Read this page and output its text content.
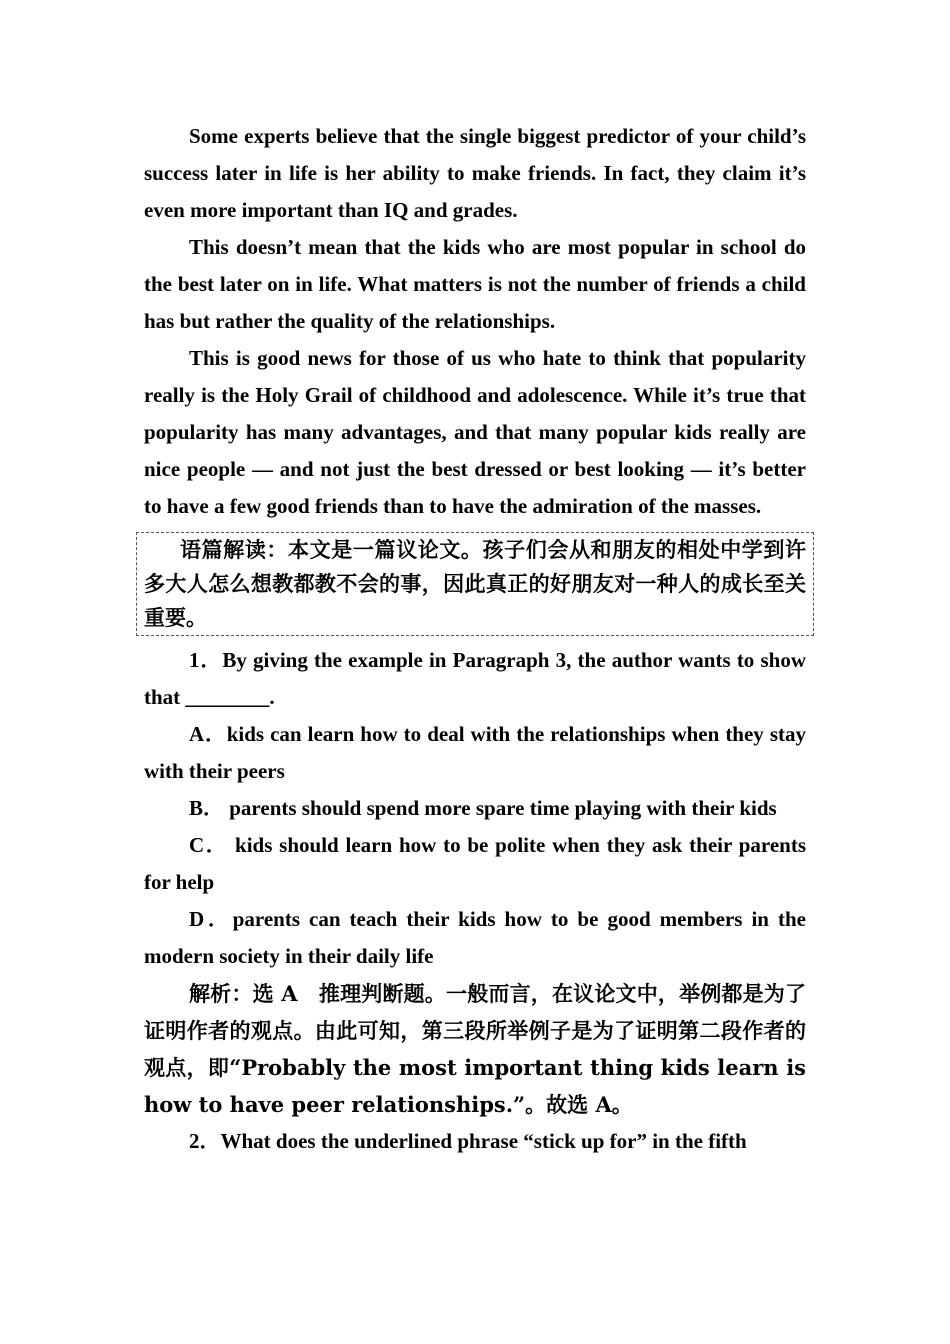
Some experts believe that the single biggest predictor of your child’s success later in life is her ability to make friends. In fact, they claim it’s even more important than IQ and grades.

This doesn’t mean that the kids who are most popular in school do the best later on in life. What matters is not the number of friends a child has but rather the quality of the relationships.

This is good news for those of us who hate to think that popularity really is the Holy Grail of childhood and adolescence. While it’s true that popularity has many advantages, and that many popular kids really are nice people — and not just the best dressed or best looking — it’s better to have a few good friends than to have the admiration of the masses.

语篇解读：本文是一篇议论文。孩子们会从和朋友的相处中学到许多大人怎么想教都教不会的事，因此真正的好朋友对一种人的成长至关重要。

1．By giving the example in Paragraph 3, the author wants to show that ________.

A．kids can learn how to deal with the relationships when they stay with their peers

B． parents should spend more spare time playing with their kids

C． kids should learn how to be polite when they ask their parents for help

D．parents can teach their kids how to be good members in the modern society in their daily life

解析：选 A　推理判断题。一般而言，在议论文中，举例都是为了证明作者的观点。由此可知，第三段所举例子是为了证明第二段作者的观点，即“Probably the most important thing kids learn is how to have peer relationships.”。故选 A。

2．What does the underlined phrase “stick up for” in the fifth
